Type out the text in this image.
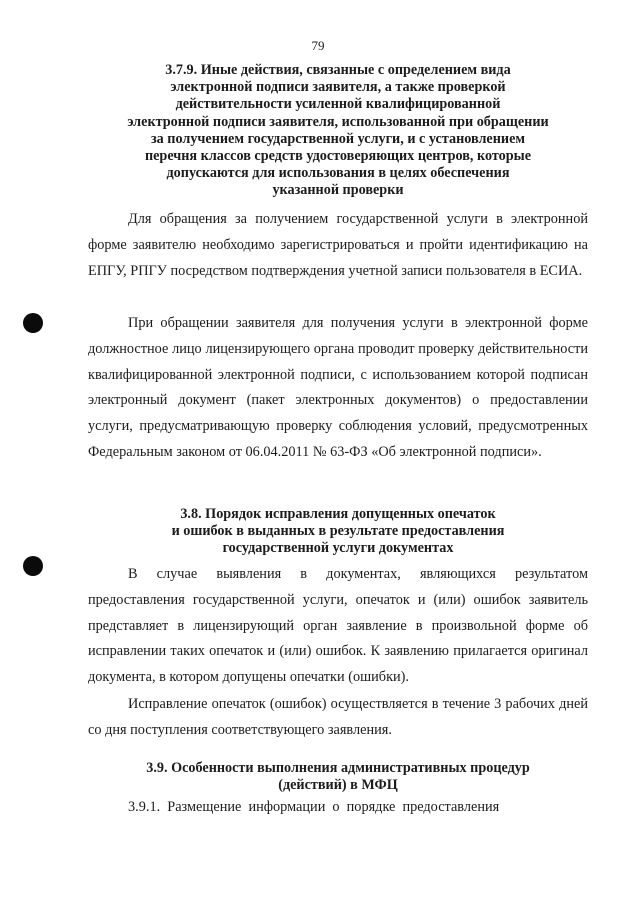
79
3.7.9. Иные действия, связанные с определением вида
электронной подписи заявителя, а также проверкой
действительности усиленной квалифицированной
электронной подписи заявителя, использованной при обращении
за получением государственной услуги, и с установлением
перечня классов средств удостоверяющих центров, которые
допускаются для использования в целях обеспечения
указанной проверки

Для обращения за получением государственной услуги в электронной форме заявителю необходимо зарегистрироваться и пройти идентификацию на ЕПГУ, РПГУ посредством подтверждения учетной записи пользователя в ЕСИА.

При обращении заявителя для получения услуги в электронной форме должностное лицо лицензирующего органа проводит проверку действительности квалифицированной электронной подписи, с использованием которой подписан электронный документ (пакет электронных документов) о предоставлении услуги, предусматривающую проверку соблюдения условий, предусмотренных Федеральным законом от 06.04.2011 № 63-ФЗ «Об электронной подписи».

3.8. Порядок исправления допущенных опечаток
и ошибок в выданных в результате предоставления
государственной услуги документах

В случае выявления в документах, являющихся результатом предоставления государственной услуги, опечаток и (или) ошибок заявитель представляет в лицензирующий орган заявление в произвольной форме об исправлении таких опечаток и (или) ошибок. К заявлению прилагается оригинал документа, в котором допущены опечатки (ошибки).

Исправление опечаток (ошибок) осуществляется в течение 3 рабочих дней со дня поступления соответствующего заявления.

3.9. Особенности выполнения административных процедур
(действий) в МФЦ

3.9.1. Размещение информации о порядке предоставления
